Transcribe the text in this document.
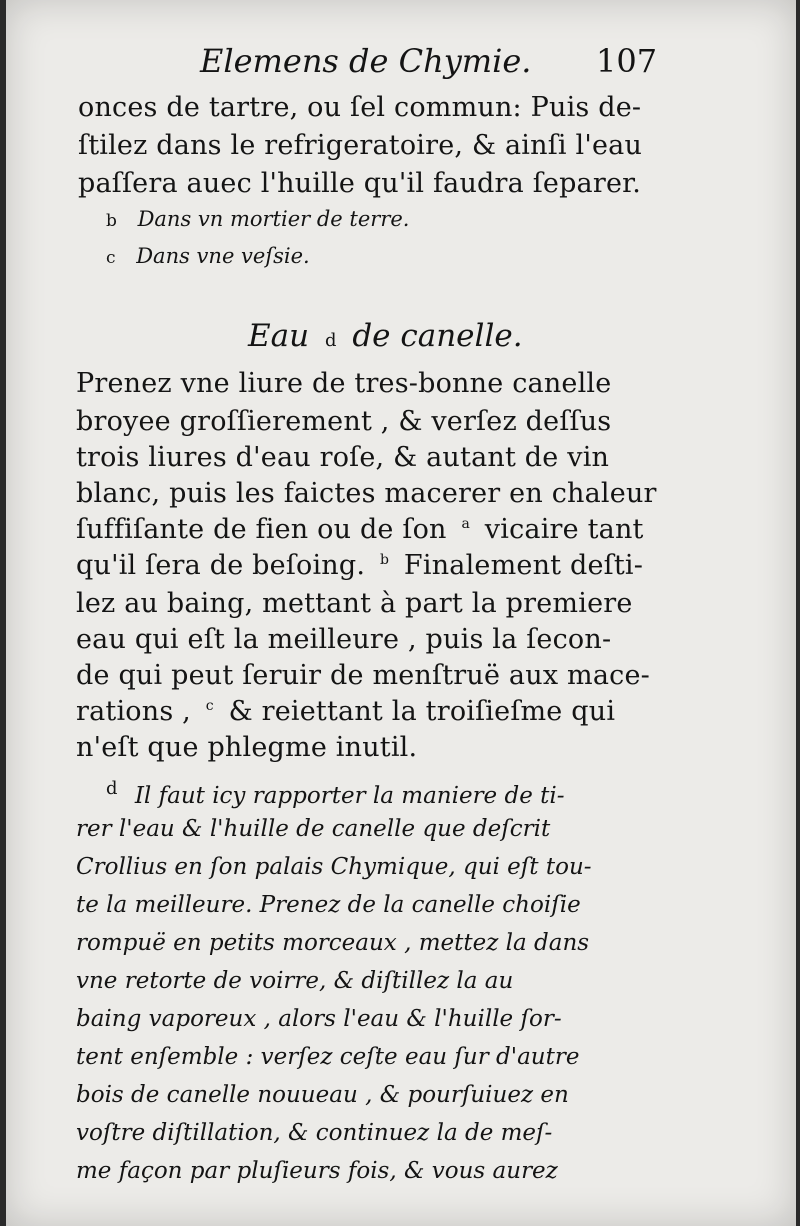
Elemens de Chymie. 107
onces de tartre, ou ſel commun: Puis de-
ſtilez dans le refrigeratoire, & ainſi l'eau
paſſera auec l'huille qu'il faudra ſeparer.
b Dans vn mortier de terre.
c Dans vne veſsie.
Eau d de canelle.
Prenez vne liure de tres-bonne canelle
broyee groſſierement , & verſez deſſus
trois liures d'eau roſe, & autant de vin
blanc, puis les faictes macerer en chaleur
ſuffiſante de fien ou de ſon $^a$ vicaire tant
qu'il ſera de beſoing. $^b$ Finalement deſti-
lez au baing, mettant à part la premiere
eau qui eſt la meilleure , puis la ſecon-
de qui peut ſeruir de menſtruë aux mace-
rations , $^c$ & reiettant la troiſieſme qui
n'eſt que phlegme inutil.
$^d$ Il faut icy rapporter la maniere de ti-
rer l'eau & l'huille de canelle que deſcrit
Crollius en ſon palais Chymique, qui eſt tou-
te la meilleure. Prenez de la canelle choiſie
rompuë en petits morceaux , mettez la dans
vne retorte de voirre, & diſtillez la au
baing vaporeux , alors l'eau & l'huille ſor-
tent enſemble : verſez ceſte eau ſur d'autre
bois de canelle nouueau , & pourſuiuez en
voſtre diſtillation, & continuez la de meſ-
me façon par pluſieurs fois, & vous aurez
